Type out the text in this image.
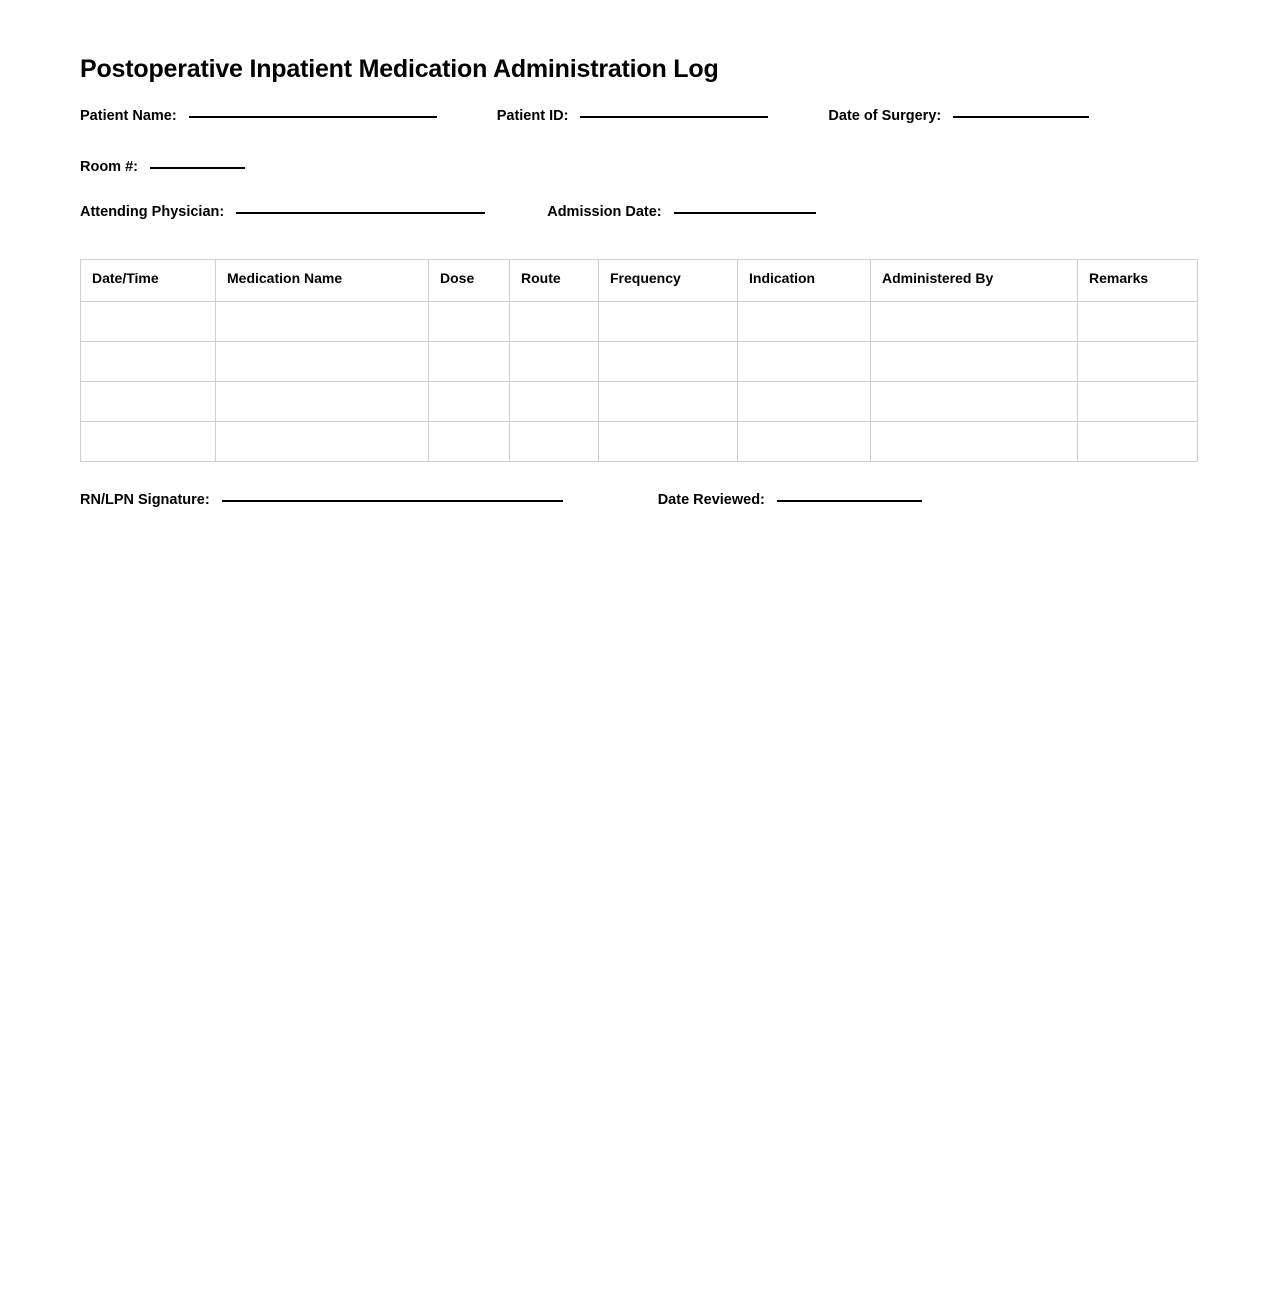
Postoperative Inpatient Medication Administration Log
Patient Name:	Patient ID:	Date of Surgery:
Room #:
Attending Physician:	Admission Date:
Date/Time	Medication Name	Dose	Route	Frequency	Indication	Administered By	Remarks

RN/LPN Signature:	Date Reviewed:
